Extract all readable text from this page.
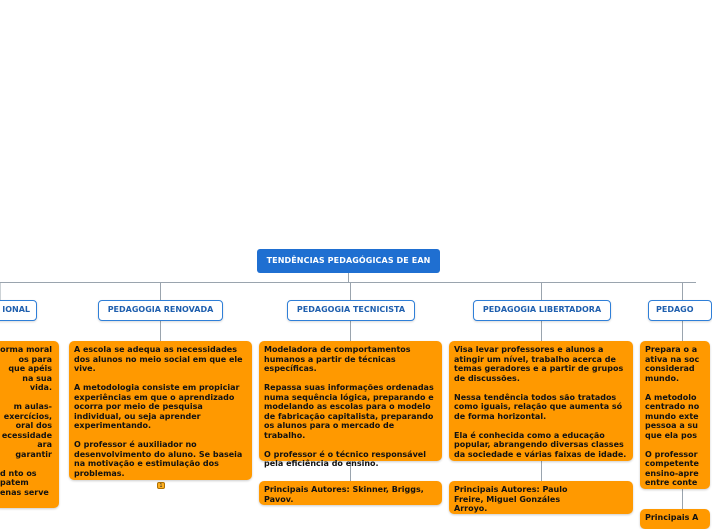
TENDÊNCIAS PEDAGÓGICAS DE EAN
IONAL

orma moral os para que apéis na sua vida.

m aulas- exercícios, oral dos ecessidade ara garantir

d nto os patem enas serve

PEDAGOGIA RENOVADA

A escola se adequa as necessidades dos alunos no meio social em que ele vive.

A metodologia consiste em propiciar experiências em que o aprendizado ocorra por meio de pesquisa individual, ou seja aprender experimentando.

O professor é auxiliador no desenvolvimento do aluno. Se baseia na motivação e estimulação dos problemas.

1
PEDAGOGIA TECNICISTA

Modeladora de comportamentos humanos a partir de técnicas específicas.

Repassa suas informações ordenadas numa sequência lógica, preparando e modelando as escolas para o modelo de fabricação capitalista, preparando os alunos para o mercado de trabalho.

O professor é o técnico responsável pela eficiência do ensino.

Principais Autores: Skinner, Briggs, Pavov.
PEDAGOGIA LIBERTADORA

Visa levar professores e alunos a atingir um nível, trabalho acerca de temas geradores e a partir de grupos de discussões.

Nessa tendência todos são tratados como iguais, relação que aumenta só de forma horizontal.

Ela é conhecida como a educação popular, abrangendo diversas classes da sociedade e várias faixas de idade.

Principais Autores: Paulo Freire, Miguel Gonzáles Arroyo.
PEDAGO

Prepara o a ativa na soc considerad mundo.

A metodolo centrado no mundo exte pessoa a su que ela pos

O professor competente ensino-apre entre conte

Principais A
